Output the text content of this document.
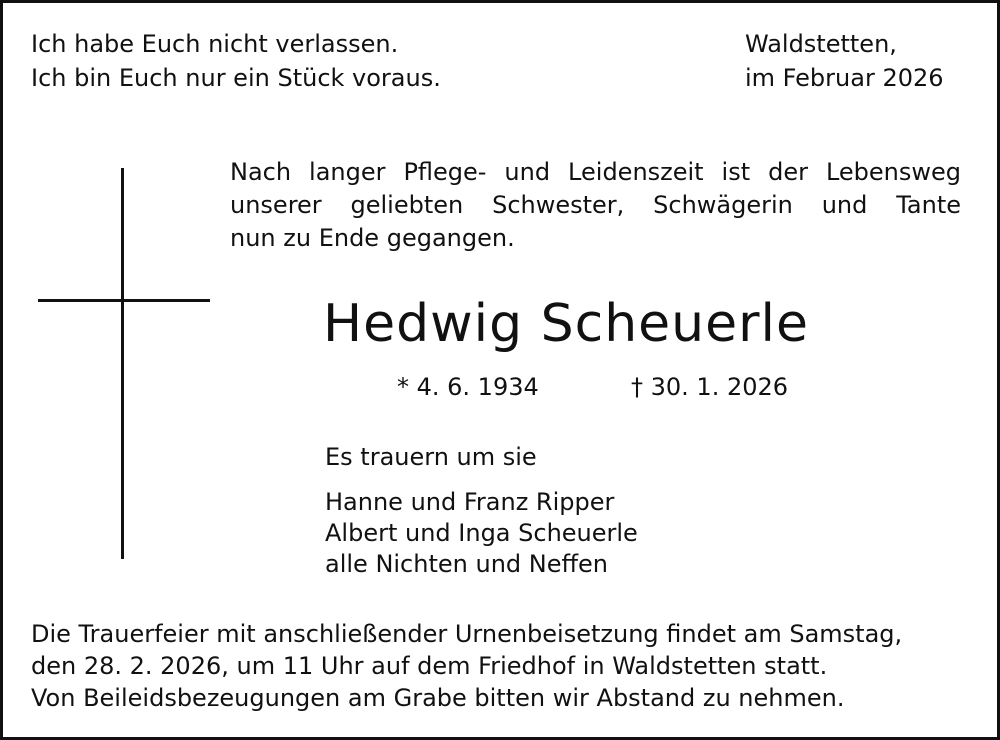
Ich habe Euch nicht verlassen.
Ich bin Euch nur ein Stück voraus.
Waldstetten,
im Februar 2026
Nach langer Pflege- und Leidenszeit ist der Lebensweg
unserer geliebten Schwester, Schwägerin und Tante
nun zu Ende gegangen.
Hedwig Scheuerle
* 4. 6. 1934	† 30. 1. 2026
Es trauern um sie
Hanne und Franz Ripper
Albert und Inga Scheuerle
alle Nichten und Neffen
Die Trauerfeier mit anschließender Urnenbeisetzung findet am Samstag,
den 28. 2. 2026, um 11 Uhr auf dem Friedhof in Waldstetten statt.
Von Beileidsbezeugungen am Grabe bitten wir Abstand zu nehmen.
